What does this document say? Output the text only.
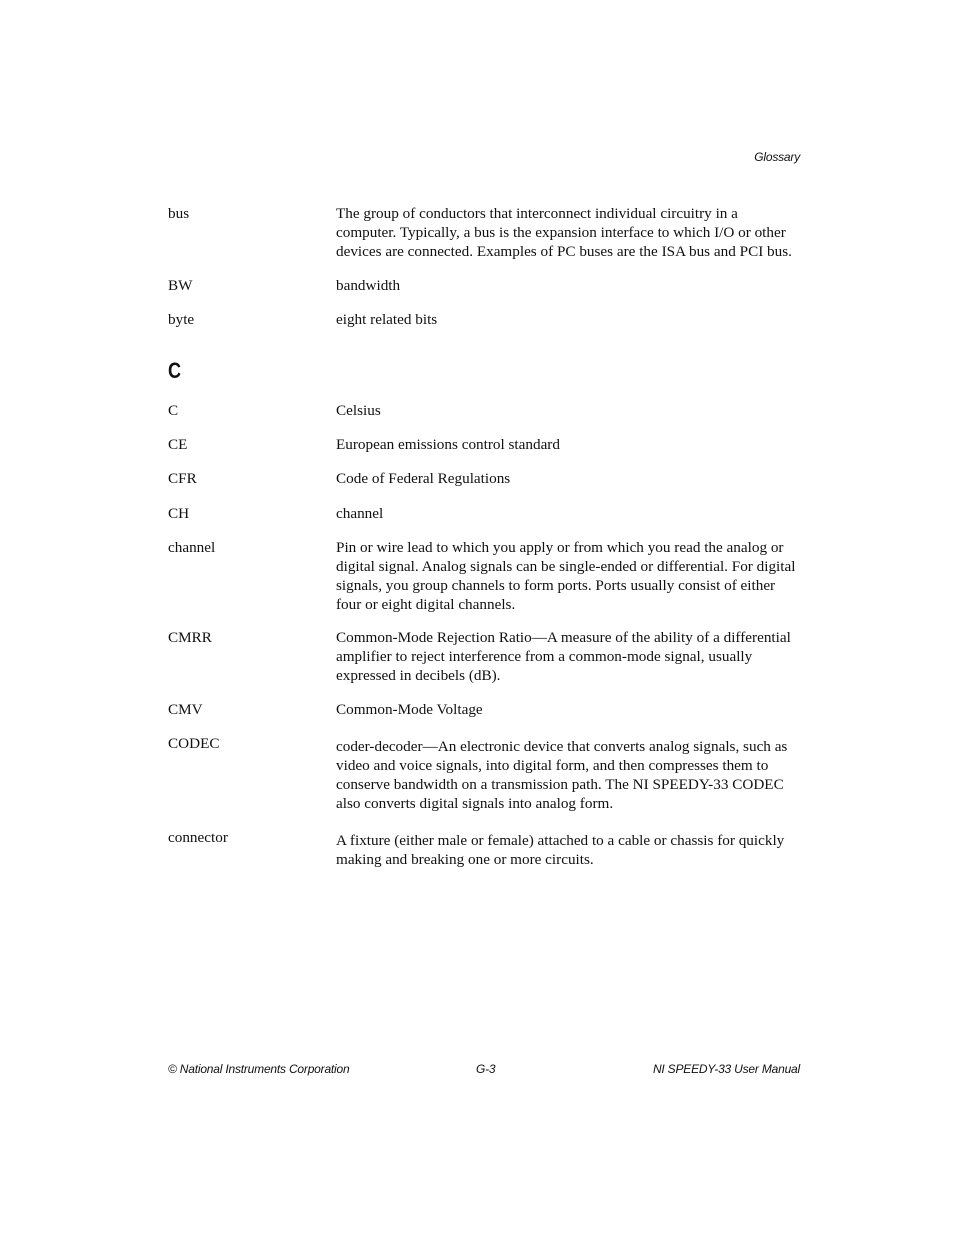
Glossary
bus	The group of conductors that interconnect individual circuitry in a computer. Typically, a bus is the expansion interface to which I/O or other devices are connected. Examples of PC buses are the ISA bus and PCI bus.
BW	bandwidth
byte	eight related bits
C
C	Celsius
CE	European emissions control standard
CFR	Code of Federal Regulations
CH	channel
channel	Pin or wire lead to which you apply or from which you read the analog or digital signal. Analog signals can be single-ended or differential. For digital signals, you group channels to form ports. Ports usually consist of either four or eight digital channels.
CMRR	Common-Mode Rejection Ratio—A measure of the ability of a differential amplifier to reject interference from a common-mode signal, usually expressed in decibels (dB).
CMV	Common-Mode Voltage
CODEC	coder-decoder—An electronic device that converts analog signals, such as video and voice signals, into digital form, and then compresses them to conserve bandwidth on a transmission path. The NI SPEEDY-33 CODEC also converts digital signals into analog form.
connector	A fixture (either male or female) attached to a cable or chassis for quickly making and breaking one or more circuits.
© National Instruments Corporation	G-3	NI SPEEDY-33 User Manual
